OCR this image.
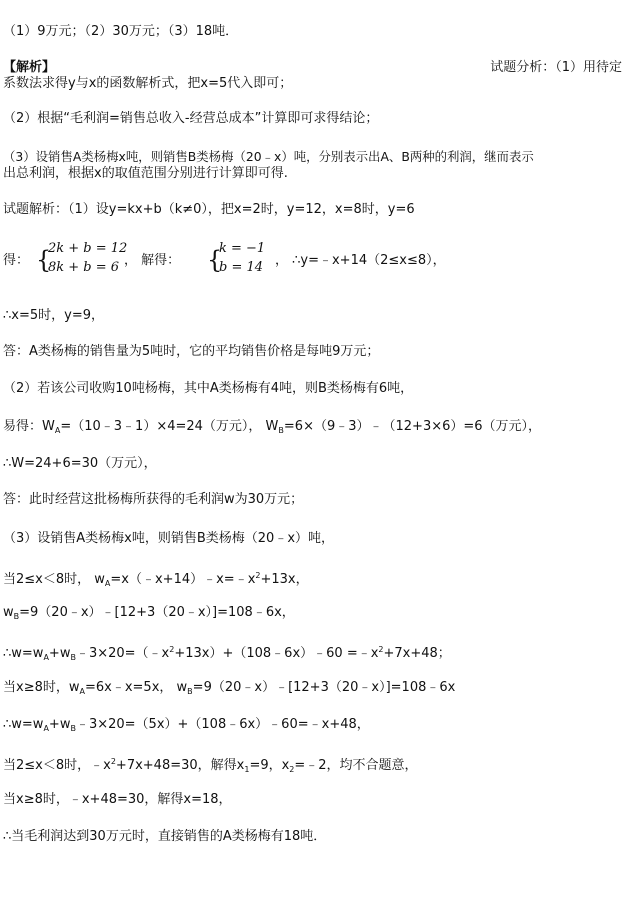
（1）9万元；（2）30万元；（3）18吨．
【解析】	试题分析：（1）用待定
系数法求得y与x的函数解析式，把x=5代入即可；
（2）根据“毛利润=销售总收入-经营总成本”计算即可求得结论；
（3）设销售A类杨梅x吨，则销售B类杨梅（20﹣x）吨，分别表示出A、B两种的利润，继而表示
出总利润，根据x的取值范围分别进行计算即可得.
试题解析：（1）设y=kx+b（k≠0），把x=2时，y=12，x=8时，y=6
得： {
2k + b = 12
8k + b = 6 ， 解得：	{
k = −1
b = 14 ， ∴y=﹣x+14（2≤x≤8），
∴x=5时，y=9，
答：A类杨梅的销售量为5吨时，它的平均销售价格是每吨9万元；
（2）若该公司收购10吨杨梅，其中A类杨梅有4吨，则B类杨梅有6吨，
易得：$W_A=(10﹣3﹣1)\times 4=24$（万元）， $W_B=6\times(9﹣3)﹣(12+3\times 6)=6$（万元），
∴W=24+6=30（万元），
答：此时经营这批杨梅所获得的毛利润w为30万元；
（3）设销售A类杨梅x吨，则销售B类杨梅（20﹣x）吨，
当2≤x＜8时， $w_A=x(﹣x+14)﹣x=﹣x^2+13x$，
$w_B=9(20﹣x)﹣[12+3(20﹣x)]=108﹣6x$，
$\therefore w=w_A+w_B﹣3\times 20=(﹣x^2+13x)+(108﹣6x)﹣60$ $=﹣x^2+7x+48$；
当x≥8时，$w_A=6x﹣x=5x$， $w_B=9(20﹣x)﹣[12+3(20﹣x)]=108﹣6x$
$\therefore w=w_A+w_B﹣3\times 20=(5x)+(108﹣6x)﹣60=﹣x+48$，
当2≤x＜8时，$﹣x^2+7x+48=30$，解得$x_1=9$，$x_2=﹣2$，均不合题意，
当x≥8时，﹣x+48=30，解得x=18，
∴当毛利润达到30万元时，直接销售的A类杨梅有18吨．
